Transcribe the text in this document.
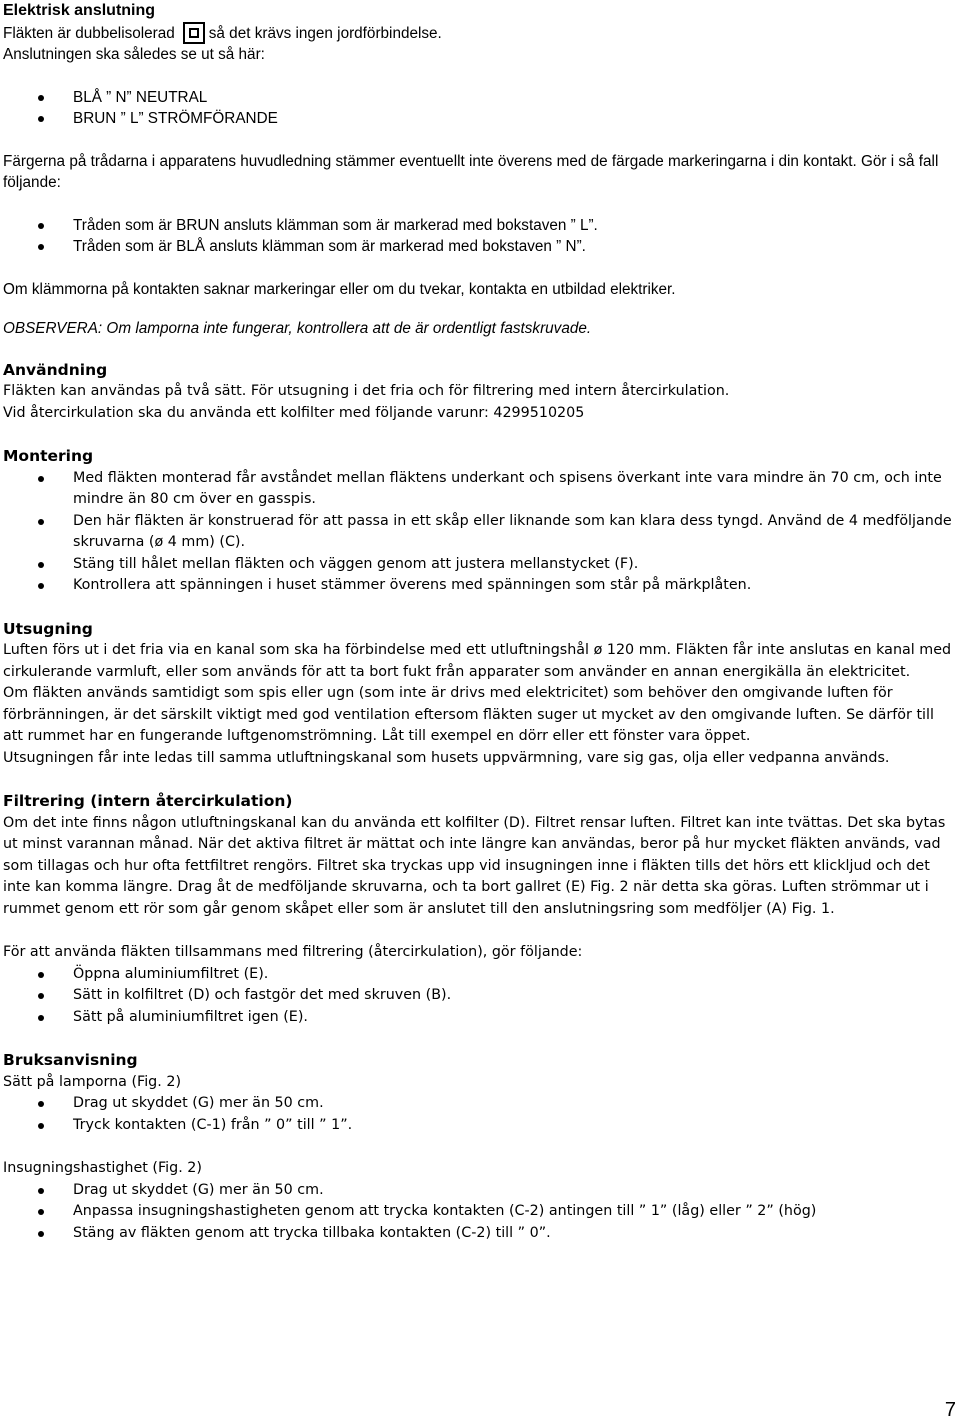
Elektrisk anslutning

Fläkten är dubbelisolerad så det krävs ingen jordförbindelse.

Anslutningen ska således se ut så här:

BLÅ ” N” NEUTRAL
BRUN ” L” STRÖMFÖRANDE

Färgerna på trådarna i apparatens huvudledning stämmer eventuellt inte överens med de färgade markeringarna i din kontakt. Gör i så fall följande:

Tråden som är BRUN ansluts klämman som är markerad med bokstaven ” L”.
Tråden som är BLÅ ansluts klämman som är markerad med bokstaven ” N”.

Om klämmorna på kontakten saknar markeringar eller om du tvekar, kontakta en utbildad elektriker.

OBSERVERA: Om lamporna inte fungerar, kontrollera att de är ordentligt fastskruvade.

Användning

Fläkten kan användas på två sätt. För utsugning i det fria och för filtrering med intern återcirkulation.

Vid återcirkulation ska du använda ett kolfilter med följande varunr: 4299510205

Montering
Med fläkten monterad får avståndet mellan fläktens underkant och spisens överkant inte vara mindre än 70 cm, och inte mindre än 80 cm över en gasspis.
Den här fläkten är konstruerad för att passa in ett skåp eller liknande som kan klara dess tyngd. Använd de 4 medföljande skruvarna (ø 4 mm) (C).
Stäng till hålet mellan fläkten och väggen genom att justera mellanstycket (F).
Kontrollera att spänningen i huset stämmer överens med spänningen som står på märkplåten.
Utsugning

Luften förs ut i det fria via en kanal som ska ha förbindelse med ett utluftningshål ø 120 mm. Fläkten får inte anslutas en kanal med cirkulerande varmluft, eller som används för att ta bort fukt från apparater som använder en annan energikälla än elektricitet.

Om fläkten används samtidigt som spis eller ugn (som inte är drivs med elektricitet) som behöver den omgivande luften för förbränningen, är det särskilt viktigt med god ventilation eftersom fläkten suger ut mycket av den omgivande luften. Se därför till att rummet har en fungerande luftgenomströmning. Låt till exempel en dörr eller ett fönster vara öppet.

Utsugningen får inte ledas till samma utluftningskanal som husets uppvärmning, vare sig gas, olja eller vedpanna används.

Filtrering (intern återcirkulation)

Om det inte finns någon utluftningskanal kan du använda ett kolfilter (D). Filtret rensar luften. Filtret kan inte tvättas. Det ska bytas ut minst varannan månad. När det aktiva filtret är mättat och inte längre kan användas, beror på hur mycket fläkten används, vad som tillagas och hur ofta fettfiltret rengörs. Filtret ska tryckas upp vid insugningen inne i fläkten tills det hörs ett klickljud och det inte kan komma längre. Drag åt de medföljande skruvarna, och ta bort gallret (E) Fig. 2 när detta ska göras. Luften strömmar ut i rummet genom ett rör som går genom skåpet eller som är anslutet till den anslutningsring som medföljer (A) Fig. 1.

För att använda fläkten tillsammans med filtrering (återcirkulation), gör följande:

Öppna aluminiumfiltret (E).
Sätt in kolfiltret (D) och fastgör det med skruven (B).
Sätt på aluminiumfiltret igen (E).
Bruksanvisning

Sätt på lamporna (Fig. 2)

Drag ut skyddet (G) mer än 50 cm.
Tryck kontakten (C-1) från ” 0” till ” 1”.

Insugningshastighet (Fig. 2)

Drag ut skyddet (G) mer än 50 cm.
Anpassa insugningshastigheten genom att trycka kontakten (C-2) antingen till ” 1” (låg) eller ” 2” (hög)
Stäng av fläkten genom att trycka tillbaka kontakten (C-2) till ” 0”.
7
